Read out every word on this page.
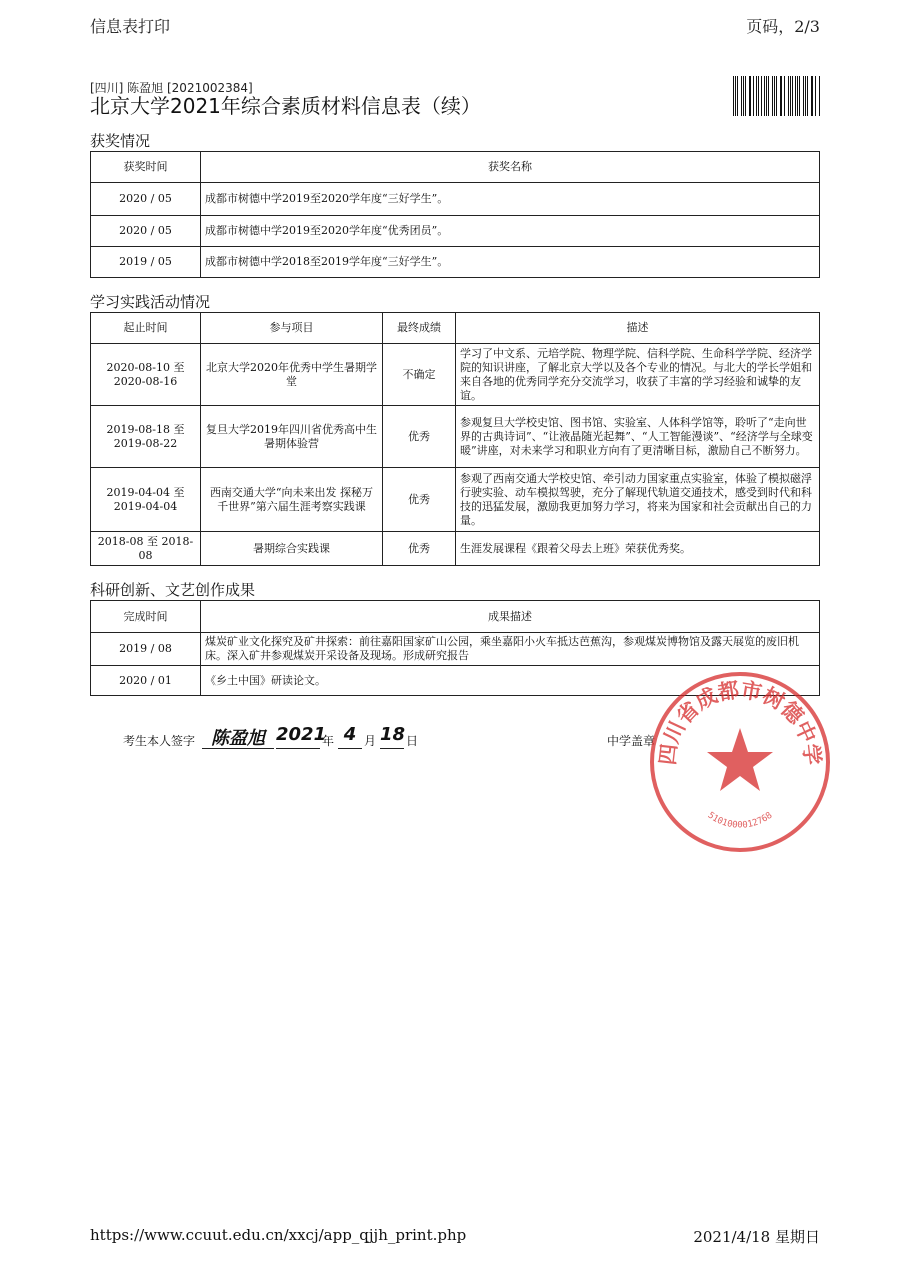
信息表打印	页码，2/3
[四川] 陈盈旭 [2021002384]
北京大学2021年综合素质材料信息表（续）
获奖情况
获奖时间	获奖名称
2020 / 05	成都市树德中学2019至2020学年度“三好学生”。
2020 / 05	成都市树德中学2019至2020学年度“优秀团员”。
2019 / 05	成都市树德中学2018至2019学年度“三好学生”。
学习实践活动情况
起止时间	参与项目	最终成绩	描述
2020-08-10 至 2020-08-16	北京大学2020年优秀中学生暑期学堂	不确定	学习了中文系、元培学院、物理学院、信科学院、生命科学学院、经济学院的知识讲座，了解北京大学以及各个专业的情况。与北大的学长学姐和来自各地的优秀同学充分交流学习，收获了丰富的学习经验和诚挚的友谊。
2019-08-18 至 2019-08-22	复旦大学2019年四川省优秀高中生暑期体验营	优秀	参观复旦大学校史馆、图书馆、实验室、人体科学馆等，聆听了“走向世界的古典诗词”、“让液晶随光起舞”、“人工智能漫谈”、“经济学与全球变暖”讲座，对未来学习和职业方向有了更清晰目标，激励自己不断努力。
2019-04-04 至 2019-04-04	西南交通大学“向未来出发 探秘万千世界”第六届生涯考察实践课	优秀	参观了西南交通大学校史馆、牵引动力国家重点实验室，体验了模拟磁浮行驶实验、动车模拟驾驶，充分了解现代轨道交通技术，感受到时代和科技的迅猛发展，激励我更加努力学习，将来为国家和社会贡献出自己的力量。
2018-08 至 2018-08	暑期综合实践课	优秀	生涯发展课程《跟着父母去上班》荣获优秀奖。
科研创新、文艺创作成果
完成时间	成果描述
2019 / 08	煤炭矿业文化探究及矿井探索：前往嘉阳国家矿山公园，乘坐嘉阳小火车抵达芭蕉沟，参观煤炭博物馆及露天展览的废旧机床。深入矿井参观煤炭开采设备及现场。形成研究报告
2020 / 01	《乡土中国》研读论文。
考生本人签字 陈盈旭 2021
年 4 月 18 日	中学盖章
四川省成都市树德中学
5101000012768
https://www.ccuut.edu.cn/xxcj/app_qjjh_print.php	2021/4/18 星期日
